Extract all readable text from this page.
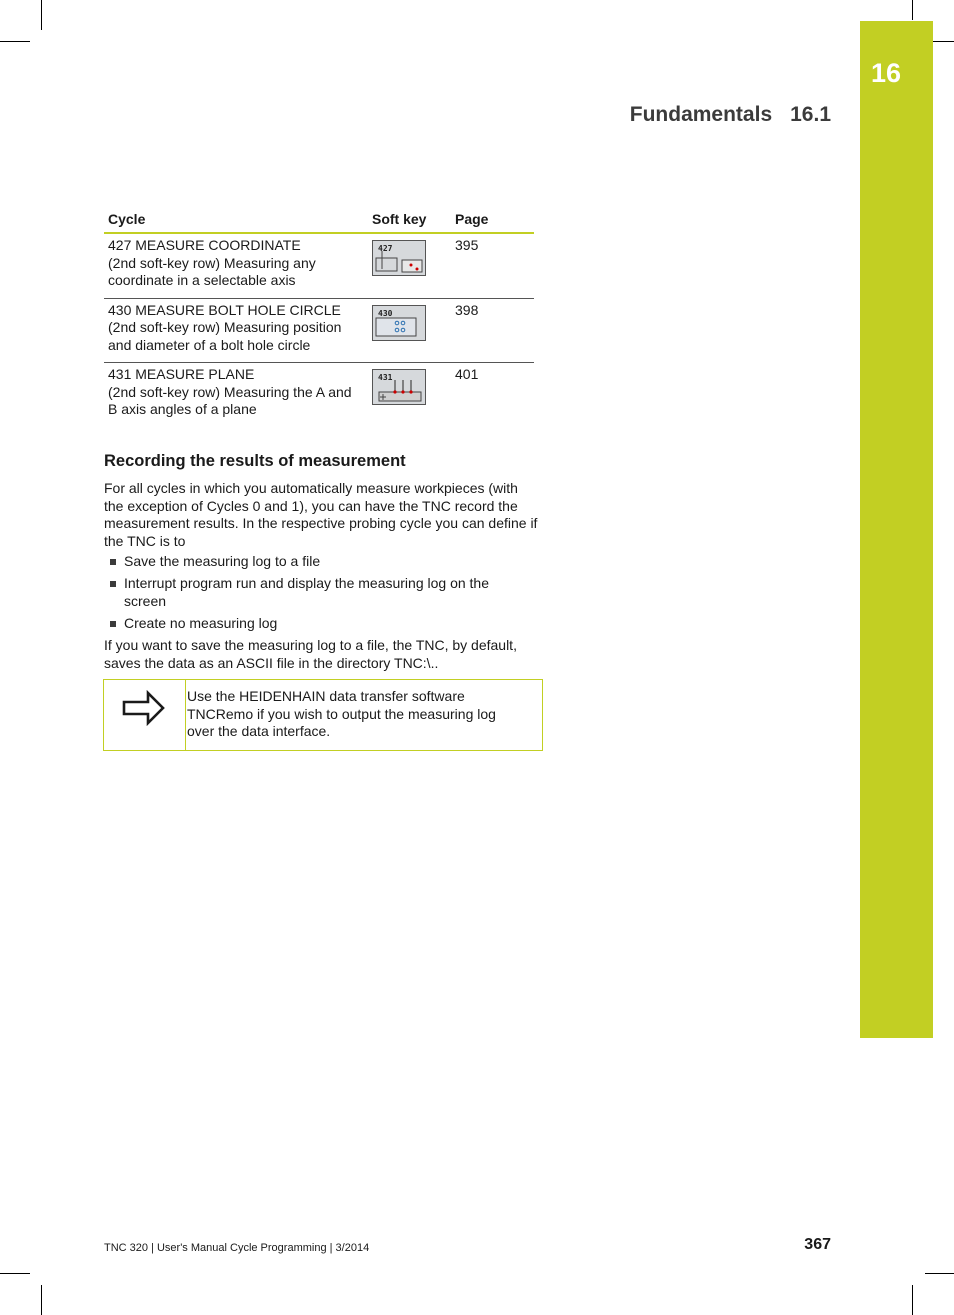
16
Fundamentals 16.1
Cycle	Soft key	Page

427 MEASURE COORDINATE
(2nd soft-key row) Measuring any coordinate in a selectable axis	427	395

430 MEASURE BOLT HOLE CIRCLE
(2nd soft-key row) Measuring position and diameter of a bolt hole circle	430	398

431 MEASURE PLANE
(2nd soft-key row) Measuring the A and B axis angles of a plane	431	401
Recording the results of measurement

For all cycles in which you automatically measure workpieces (with the exception of Cycles 0 and 1), you can have the TNC record the measurement results. In the respective probing cycle you can define if the TNC is to

Save the measuring log to a file
Interrupt program run and display the measuring log on the screen
Create no measuring log

If you want to save the measuring log to a file, the TNC, by default, saves the data as an ASCII file in the directory TNC:\..

Use the HEIDENHAIN data transfer software TNCRemo if you wish to output the measuring log over the data interface.
TNC 320 | User's Manual Cycle Programming | 3/2014	367
